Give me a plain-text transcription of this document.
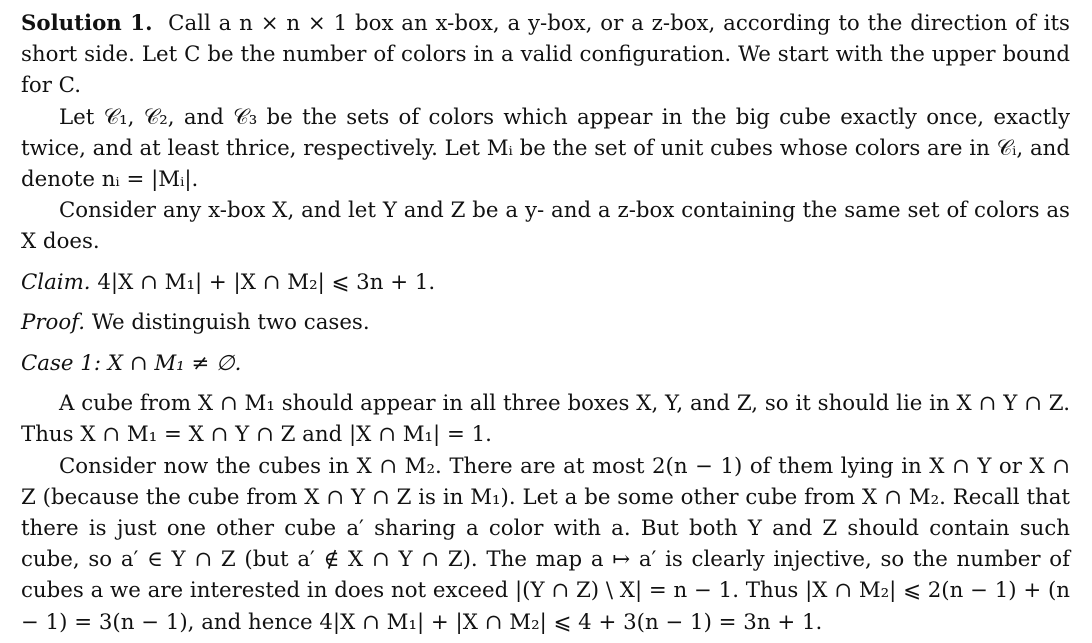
Solution 1. Call a n × n × 1 box an x-box, a y-box, or a z-box, according to the direction of its short side. Let C be the number of colors in a valid configuration. We start with the upper bound for C.

Let 𝒞₁, 𝒞₂, and 𝒞₃ be the sets of colors which appear in the big cube exactly once, exactly twice, and at least thrice, respectively. Let Mᵢ be the set of unit cubes whose colors are in 𝒞ᵢ, and denote nᵢ = |Mᵢ|.

Consider any x-box X, and let Y and Z be a y- and a z-box containing the same set of colors as X does.

Claim. 4|X ∩ M₁| + |X ∩ M₂| ⩽ 3n + 1.

Proof. We distinguish two cases.

Case 1: X ∩ M₁ ≠ ∅.

A cube from X ∩ M₁ should appear in all three boxes X, Y, and Z, so it should lie in X ∩ Y ∩ Z. Thus X ∩ M₁ = X ∩ Y ∩ Z and |X ∩ M₁| = 1.

Consider now the cubes in X ∩ M₂. There are at most 2(n − 1) of them lying in X ∩ Y or X ∩ Z (because the cube from X ∩ Y ∩ Z is in M₁). Let a be some other cube from X ∩ M₂. Recall that there is just one other cube a′ sharing a color with a. But both Y and Z should contain such cube, so a′ ∈ Y ∩ Z (but a′ ∉ X ∩ Y ∩ Z). The map a ↦ a′ is clearly injective, so the number of cubes a we are interested in does not exceed |(Y ∩ Z) \ X| = n − 1. Thus |X ∩ M₂| ⩽ 2(n − 1) + (n − 1) = 3(n − 1), and hence 4|X ∩ M₁| + |X ∩ M₂| ⩽ 4 + 3(n − 1) = 3n + 1.
